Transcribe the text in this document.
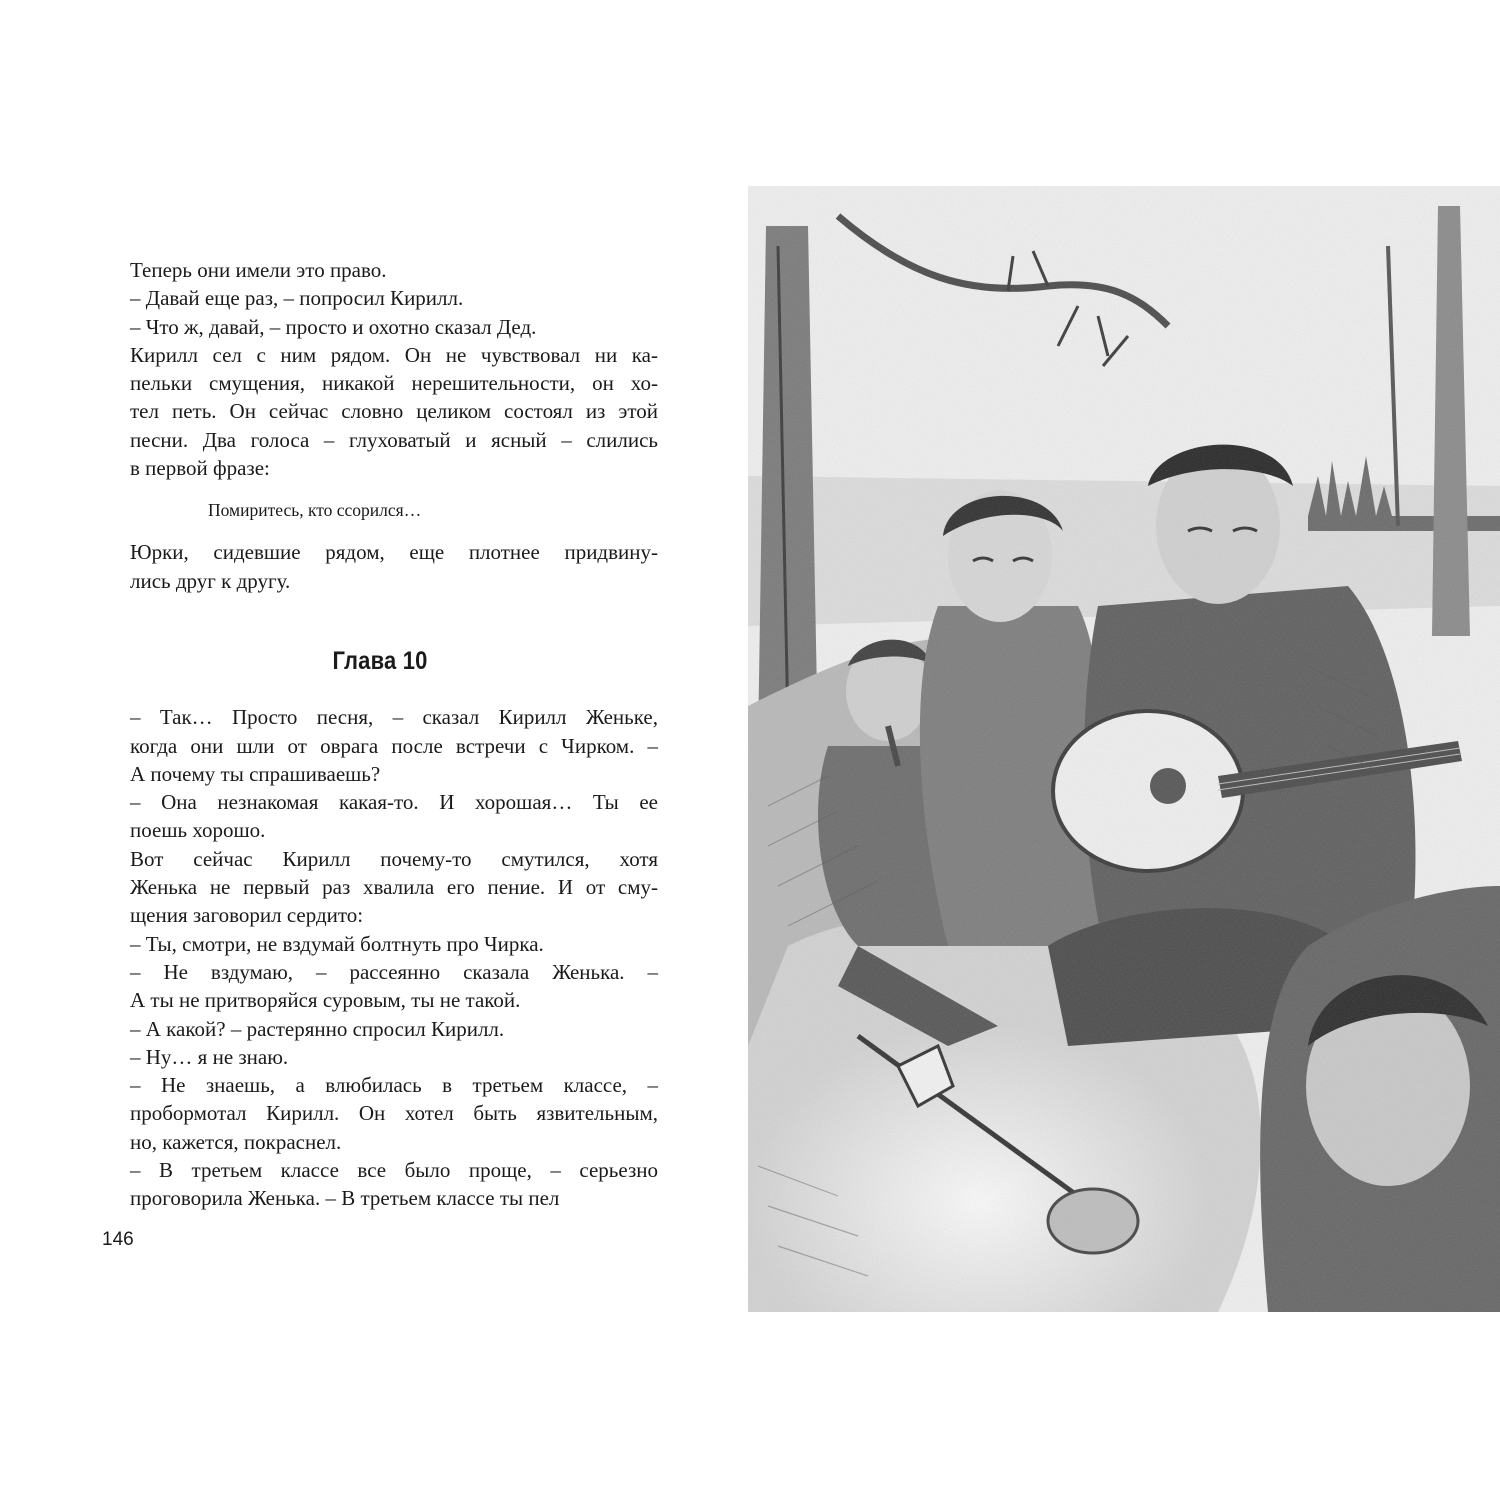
Теперь они имели это право.

– Давай еще раз, – попросил Кирилл.

– Что ж, давай, – просто и охотно сказал Дед.

Кирилл сел с ним рядом. Он не чувствовал ни ка-
пельки смущения, никакой нерешительности, он хо-
тел петь. Он сейчас словно целиком состоял из этой
песни. Два голоса – глуховатый и ясный – слились
в первой фразе:

Помиритесь, кто ссорился…

Юрки, сидевшие рядом, еще плотнее придвину-
лись друг к другу.

Глава 10

– Так… Просто песня, – сказал Кирилл Женьке,
когда они шли от оврага после встречи с Чирком. –
А почему ты спрашиваешь?

– Она незнакомая какая-то. И хорошая… Ты ее
поешь хорошо.

Вот сейчас Кирилл почему-то смутился, хотя
Женька не первый раз хвалила его пение. И от сму-
щения заговорил сердито:

– Ты, смотри, не вздумай болтнуть про Чирка.

– Не вздумаю, – рассеянно сказала Женька. –
А ты не притворяйся суровым, ты не такой.

– А какой? – растерянно спросил Кирилл.

– Ну… я не знаю.

– Не знаешь, а влюбилась в третьем классе, –
пробормотал Кирилл. Он хотел быть язвительным,
но, кажется, покраснел.

– В третьем классе все было проще, – серьезно
проговорила Женька. – В третьем классе ты пел

146
